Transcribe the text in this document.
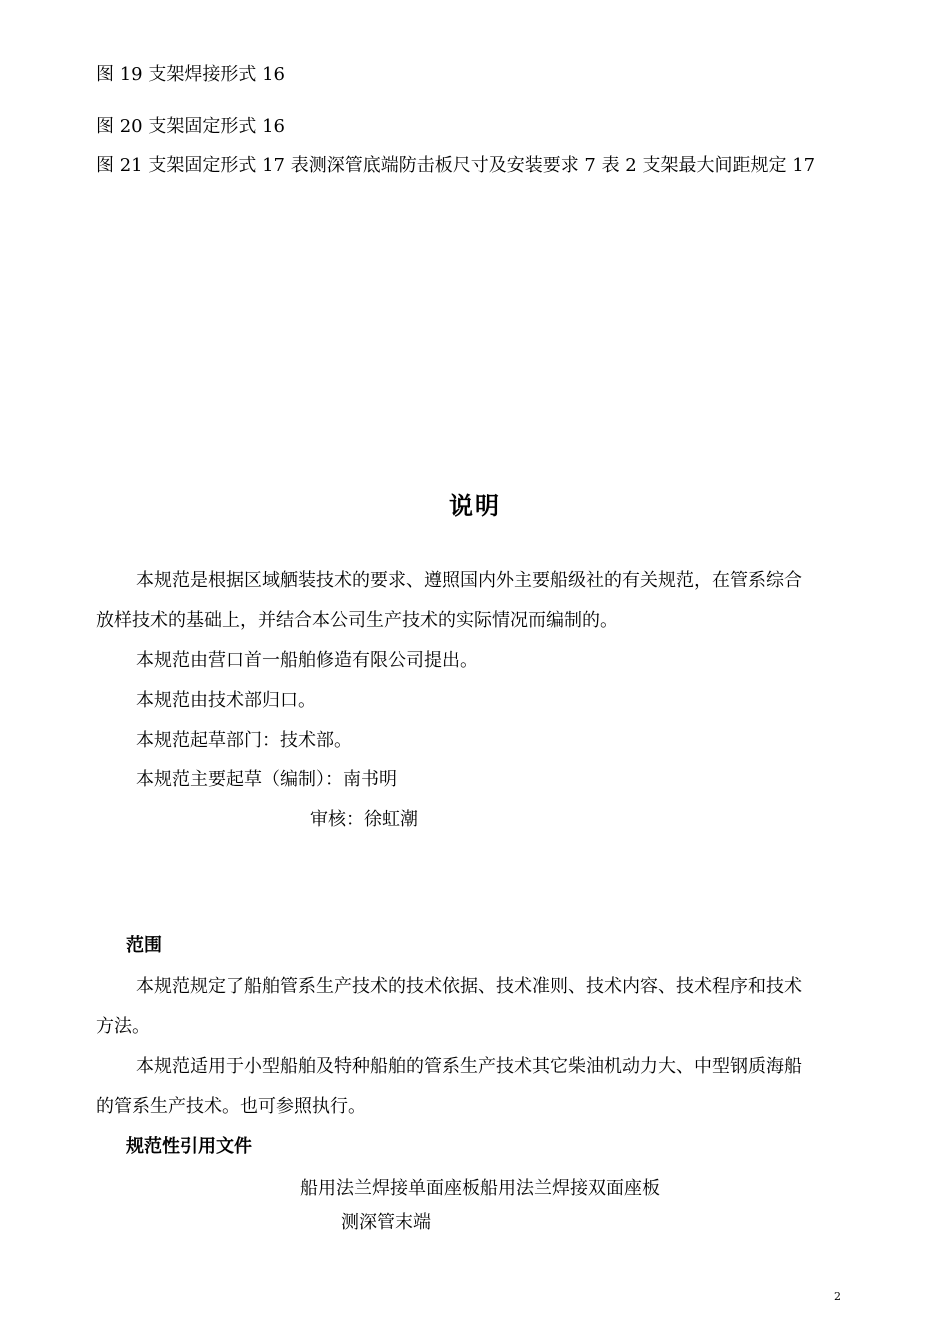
图 19 支架焊接形式 16
图 20 支架固定形式 16
图 21 支架固定形式 17 表测深管底端防击板尺寸及安装要求 7 表 2 支架最大间距规定 17
说明
本规范是根据区域舾装技术的要求、遵照国内外主要船级社的有关规范，在管系综合
放样技术的基础上，并结合本公司生产技术的实际情况而编制的。
本规范由营口首一船舶修造有限公司提出。
本规范由技术部归口。
本规范起草部门：技术部。
本规范主要起草（编制）：南书明
审核：徐虹潮
范围
本规范规定了船舶管系生产技术的技术依据、技术准则、技术内容、技术程序和技术
方法。
本规范适用于小型船舶及特种船舶的管系生产技术其它柴油机动力大、中型钢质海船
的管系生产技术。也可参照执行。
规范性引用文件
船用法兰焊接单面座板船用法兰焊接双面座板
测深管末端
2
